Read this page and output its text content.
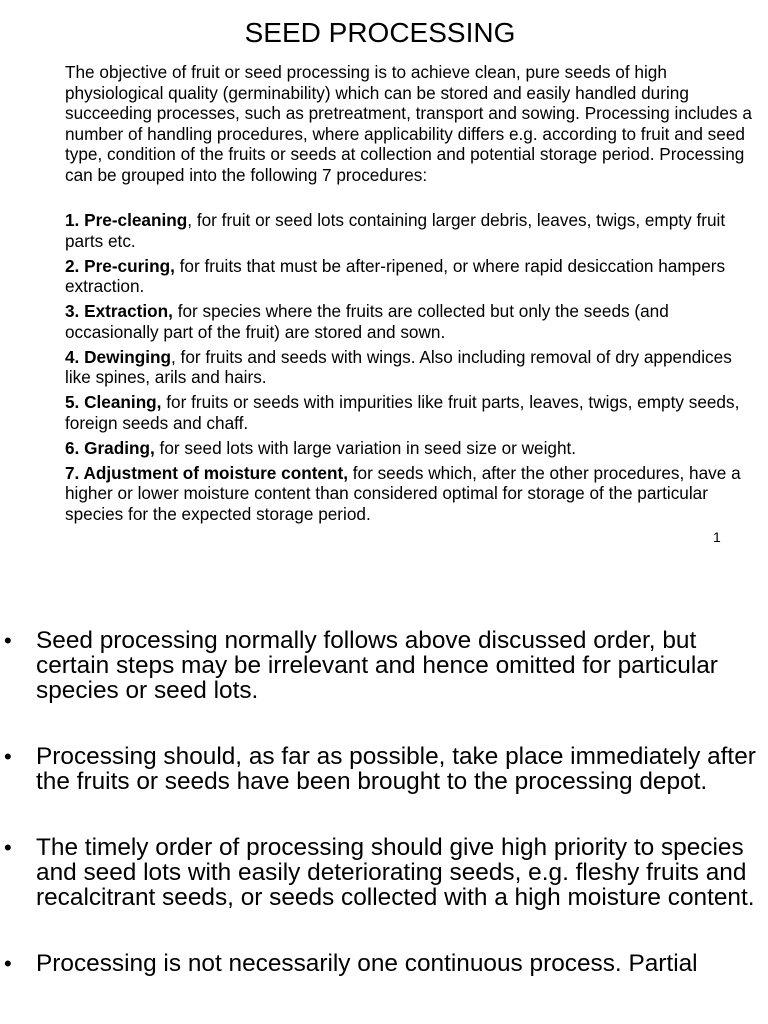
SEED PROCESSING
The objective of fruit or seed processing is to achieve clean, pure seeds of high physiological quality (germinability) which can be stored and easily handled during succeeding processes, such as pretreatment, transport and sowing. Processing includes a number of handling procedures, where applicability differs e.g. according to fruit and seed type, condition of the fruits or seeds at collection and potential storage period. Processing can be grouped into the following 7 procedures:
1. Pre-cleaning, for fruit or seed lots containing larger debris, leaves, twigs, empty fruit parts etc.
2. Pre-curing, for fruits that must be after-ripened, or where rapid desiccation hampers extraction.
3. Extraction, for species where the fruits are collected but only the seeds (and occasionally part of the fruit) are stored and sown.
4. Dewinging, for fruits and seeds with wings. Also including removal of dry appendices like spines, arils and hairs.
5. Cleaning, for fruits or seeds with impurities like fruit parts, leaves, twigs, empty seeds, foreign seeds and chaff.
6. Grading, for seed lots with large variation in seed size or weight.
7. Adjustment of moisture content, for seeds which, after the other procedures, have a higher or lower moisture content than considered optimal for storage of the particular species for the expected storage period.
1
• Seed processing normally follows above discussed order, but certain steps may be irrelevant and hence omitted for particular species or seed lots.
• Processing should, as far as possible, take place immediately after the fruits or seeds have been brought to the processing depot.
• The timely order of processing should give high priority to species and seed lots with easily deteriorating seeds, e.g. fleshy fruits and recalcitrant seeds, or seeds collected with a high moisture content.
• Processing is not necessarily one continuous process. Partial
